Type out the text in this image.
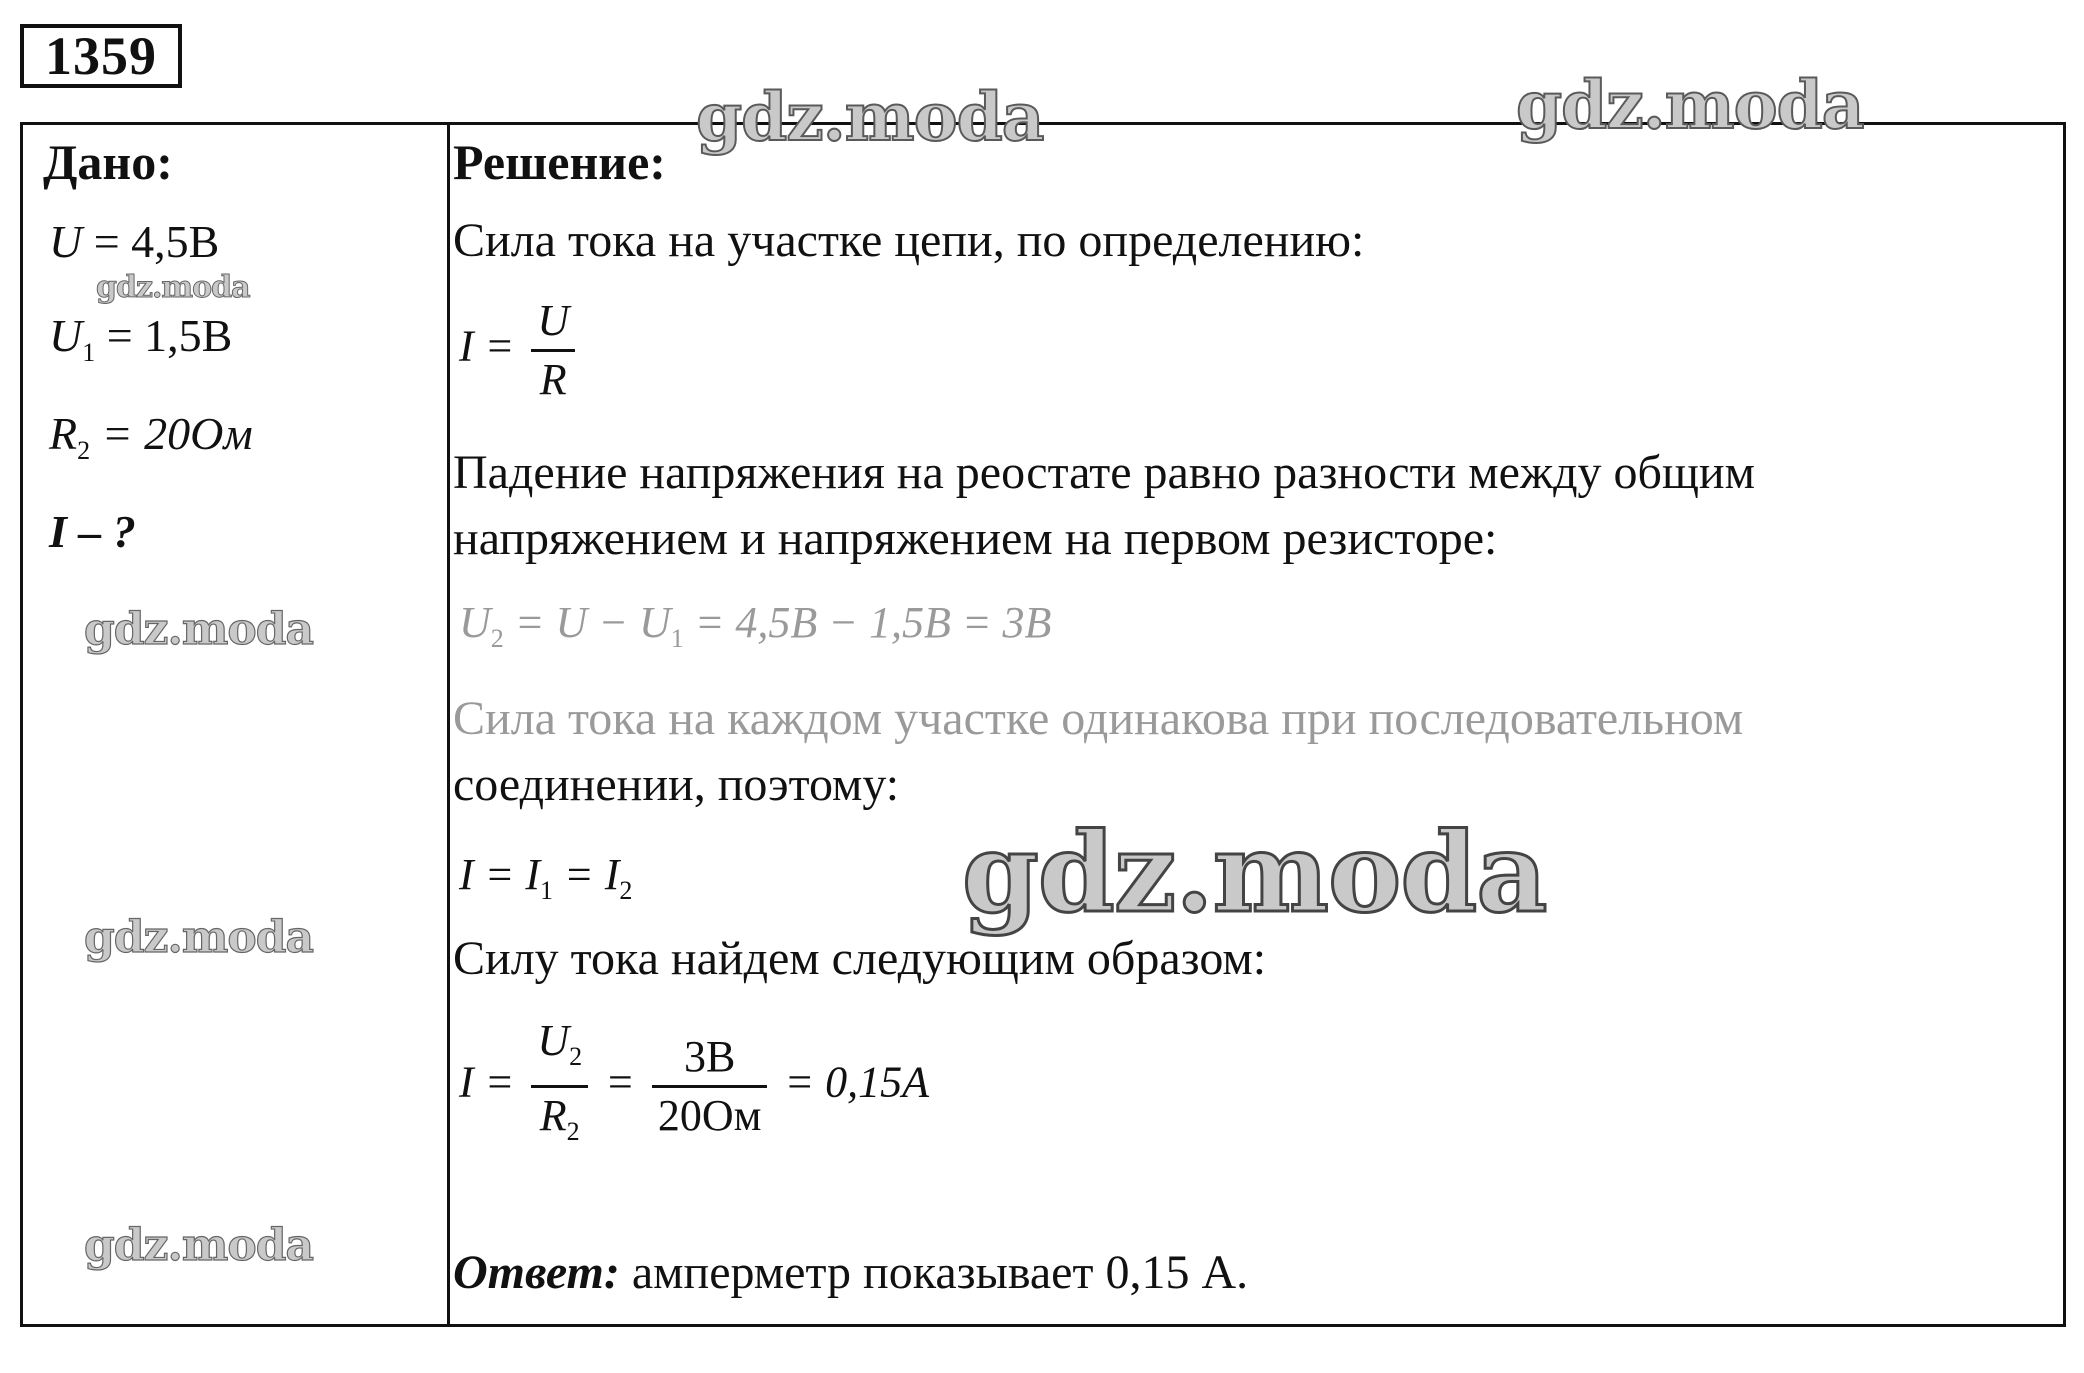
1359
Дано:
U = 4,5B
$U_1 = 1,5B$
$R_2 = 20Ом$
I – ?
Решение:
Сила тока на участке цепи, по определению:
$I = \frac{U}{R}$
Падение напряжения на реостате равно разности между общим
напряжением и напряжением на первом резисторе:
$U_2 = U - U_1 = 4,5B - 1,5B = 3B$
Сила тока на каждом участке одинакова при последовательном
соединении, поэтому:
$I = I_1 = I_2$
Силу тока найдем следующим образом:
$I = \frac{U_2}{R_2} = \frac{3B}{20Ом} = 0,15A$
Ответ: амперметр показывает 0,15 А.
gdz.moda	gdz.moda
gdz.moda
gdz.moda
gdz.moda
gdz.moda
gdz.moda
